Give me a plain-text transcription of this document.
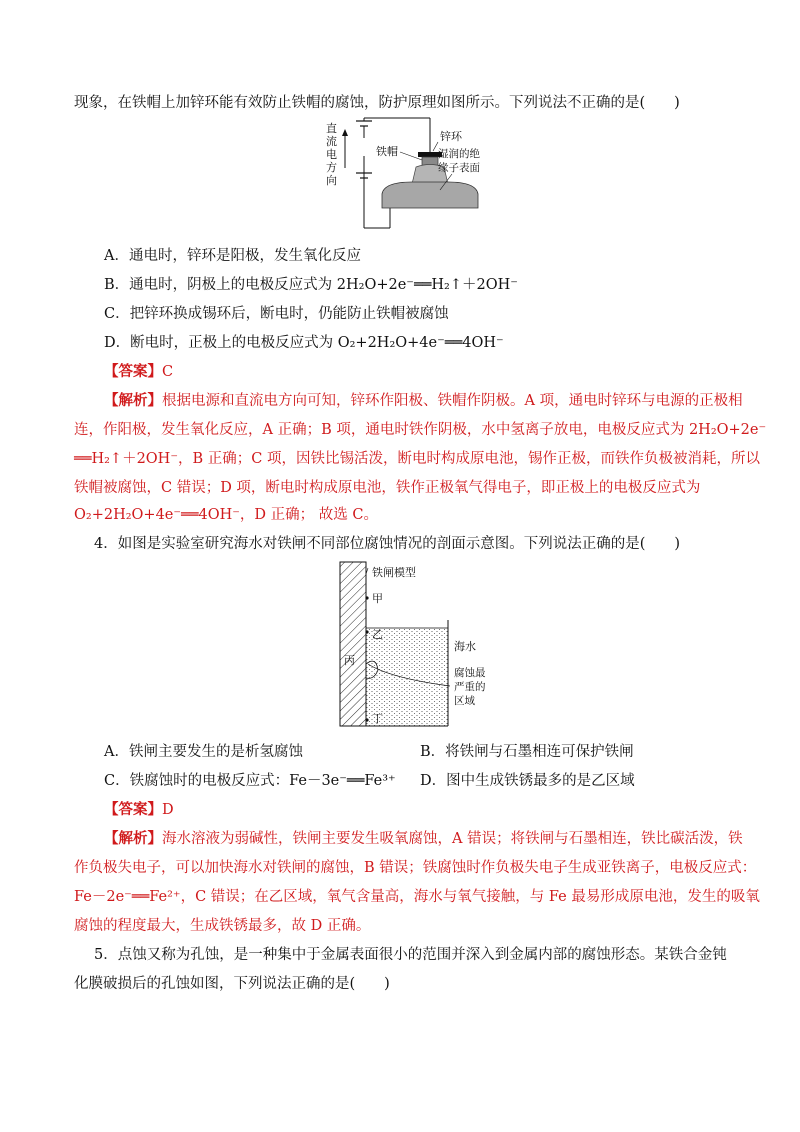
现象，在铁帽上加锌环能有效防止铁帽的腐蚀，防护原理如图所示。下列说法不正确的是(　　)
直
流
电
方
向
锌环
铁帽	湿润的绝
缘子表面
A．通电时，锌环是阳极，发生氧化反应
B．通电时，阴极上的电极反应式为 2H₂O+2e⁻══H₂↑＋2OH⁻
C．把锌环换成锡环后，断电时，仍能防止铁帽被腐蚀
D．断电时，正极上的电极反应式为 O₂+2H₂O+4e⁻══4OH⁻
【答案】C
【解析】根据电源和直流电方向可知，锌环作阳极、铁帽作阴极。A 项，通电时锌环与电源的正极相
连，作阳极，发生氧化反应，A 正确；B 项，通电时铁作阴极，水中氢离子放电，电极反应式为 2H₂O+2e⁻
══H₂↑＋2OH⁻，B 正确；C 项，因铁比锡活泼，断电时构成原电池，锡作正极，而铁作负极被消耗，所以
铁帽被腐蚀，C 错误；D 项，断电时构成原电池，铁作正极氧气得电子，即正极上的电极反应式为
O₂+2H₂O+4e⁻══4OH⁻，D 正确； 故选 C。
4．如图是实验室研究海水对铁闸不同部位腐蚀情况的剖面示意图。下列说法正确的是(　　)
铁闸模型
甲
乙
丙
丁
海水
腐蚀最
严重的
区域
A．铁闸主要发生的是析氢腐蚀	B．将铁闸与石墨相连可保护铁闸
C．铁腐蚀时的电极反应式：Fe－3e⁻══Fe³⁺ D．图中生成铁锈最多的是乙区域
【答案】D
【解析】海水溶液为弱碱性，铁闸主要发生吸氧腐蚀，A 错误；将铁闸与石墨相连，铁比碳活泼，铁
作负极失电子，可以加快海水对铁闸的腐蚀，B 错误；铁腐蚀时作负极失电子生成亚铁离子，电极反应式：
Fe－2e⁻══Fe²⁺，C 错误；在乙区域，氧气含量高，海水与氧气接触，与 Fe 最易形成原电池，发生的吸氧
腐蚀的程度最大，生成铁锈最多，故 D 正确。
5．点蚀又称为孔蚀，是一种集中于金属表面很小的范围并深入到金属内部的腐蚀形态。某铁合金钝
化膜破损后的孔蚀如图，下列说法正确的是(　　)
